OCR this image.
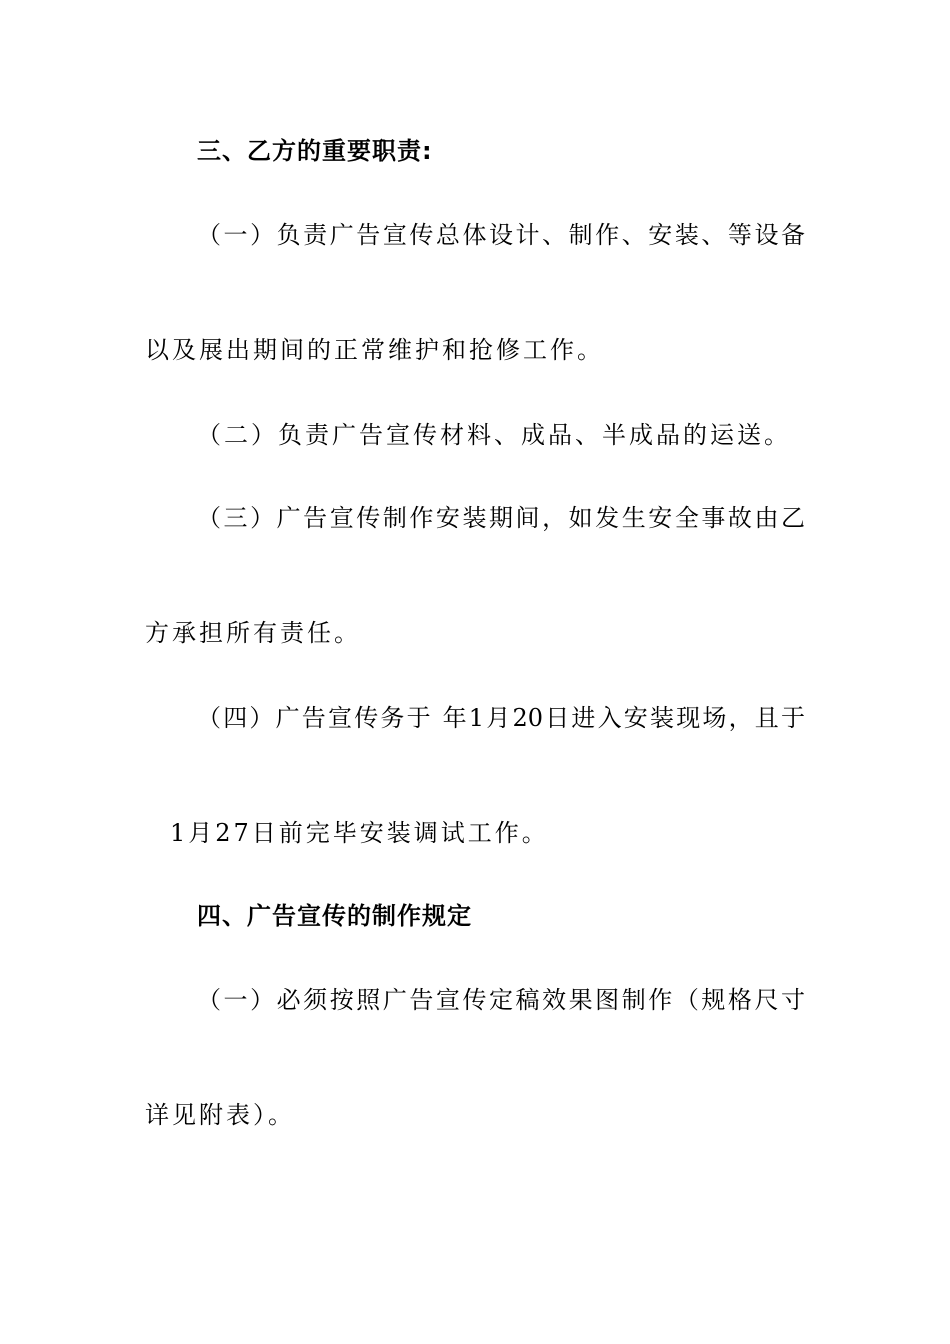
三、乙方的重要职责:
（一）负责广告宣传总体设计、制作、安装、等设备
以及展出期间的正常维护和抢修工作。
（二）负责广告宣传材料、成品、半成品的运送。
（三）广告宣传制作安装期间，如发生安全事故由乙
方承担所有责任。
（四）广告宣传务于 年1月20日进入安装现场，且于
1月27日前完毕安装调试工作。
四、广告宣传的制作规定
（一）必须按照广告宣传定稿效果图制作（规格尺寸
详见附表）。
